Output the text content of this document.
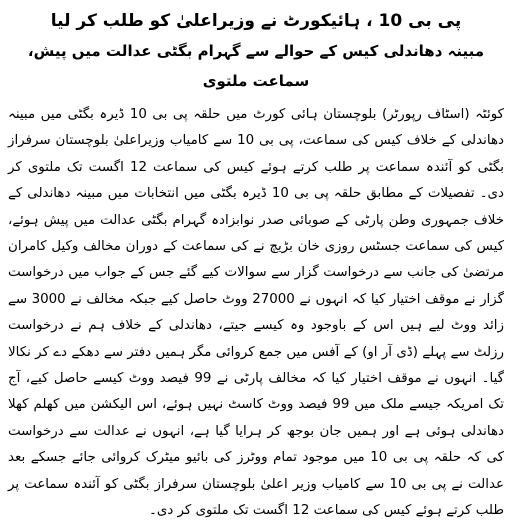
پی بی 10 ، ہائیکورٹ نے وزیراعلیٰ کو طلب کر لیا

مبینہ دھاندلی کیس کے حوالے سے گہرام بگٹی عدالت میں پیش، سماعت ملتوی

کوئٹہ (اسٹاف رپورٹر) بلوچستان ہائی کورٹ میں حلقہ پی بی 10 ڈیرہ بگٹی میں مبینہ دھاندلی کے خلاف کیس کی سماعت، پی بی 10 سے کامیاب وزیراعلیٰ بلوچستان سرفراز بگٹی کو آئندہ سماعت پر طلب کرتے ہوئے کیس کی سماعت 12 اگست تک ملتوی کر دی۔ تفصیلات کے مطابق حلقہ پی بی 10 ڈیرہ بگٹی میں انتخابات میں مبینہ دھاندلی کے خلاف جمہوری وطن پارٹی کے صوبائی صدر نوابزادہ گہرام بگٹی عدالت میں پیش ہوئے، کیس کی سماعت جسٹس روزی خان بڑیچ نے کی سماعت کے دوران مخالف وکیل کامران مرتضیٰ کی جانب سے درخواست گزار سے سوالات کیے گئے جس کے جواب میں درخواست گزار نے موقف اختیار کیا کہ انہوں نے 27000 ووٹ حاصل کیے جبکہ مخالف نے 3000 سے زائد ووٹ لیے ہیں اس کے باوجود وہ کیسے جیتے، دھاندلی کے خلاف ہم نے درخواست رزلٹ سے پہلے (ڈی آر او) کے آفس میں جمع کروائی مگر ہمیں دفتر سے دھکے دے کر نکالا گیا۔ انہوں نے موقف اختیار کیا کہ مخالف پارٹی نے 99 فیصد ووٹ کیسے حاصل کیے، آج تک امریکہ جیسے ملک میں 99 فیصد ووٹ کاسٹ نہیں ہوئے، اس الیکشن میں کھلم کھلا دھاندلی ہوئی ہے اور ہمیں جان بوجھ کر ہرایا گیا ہے، انہوں نے عدالت سے درخواست کی کہ حلقہ پی بی 10 میں موجود تمام ووٹرز کی بائیو میٹرک کروائی جائے جسکے بعد عدالت نے پی بی 10 سے کامیاب وزیر اعلیٰ بلوچستان سرفراز بگٹی کو آئندہ سماعت پر طلب کرتے ہوئے کیس کی سماعت 12 اگست تک ملتوی کر دی۔
